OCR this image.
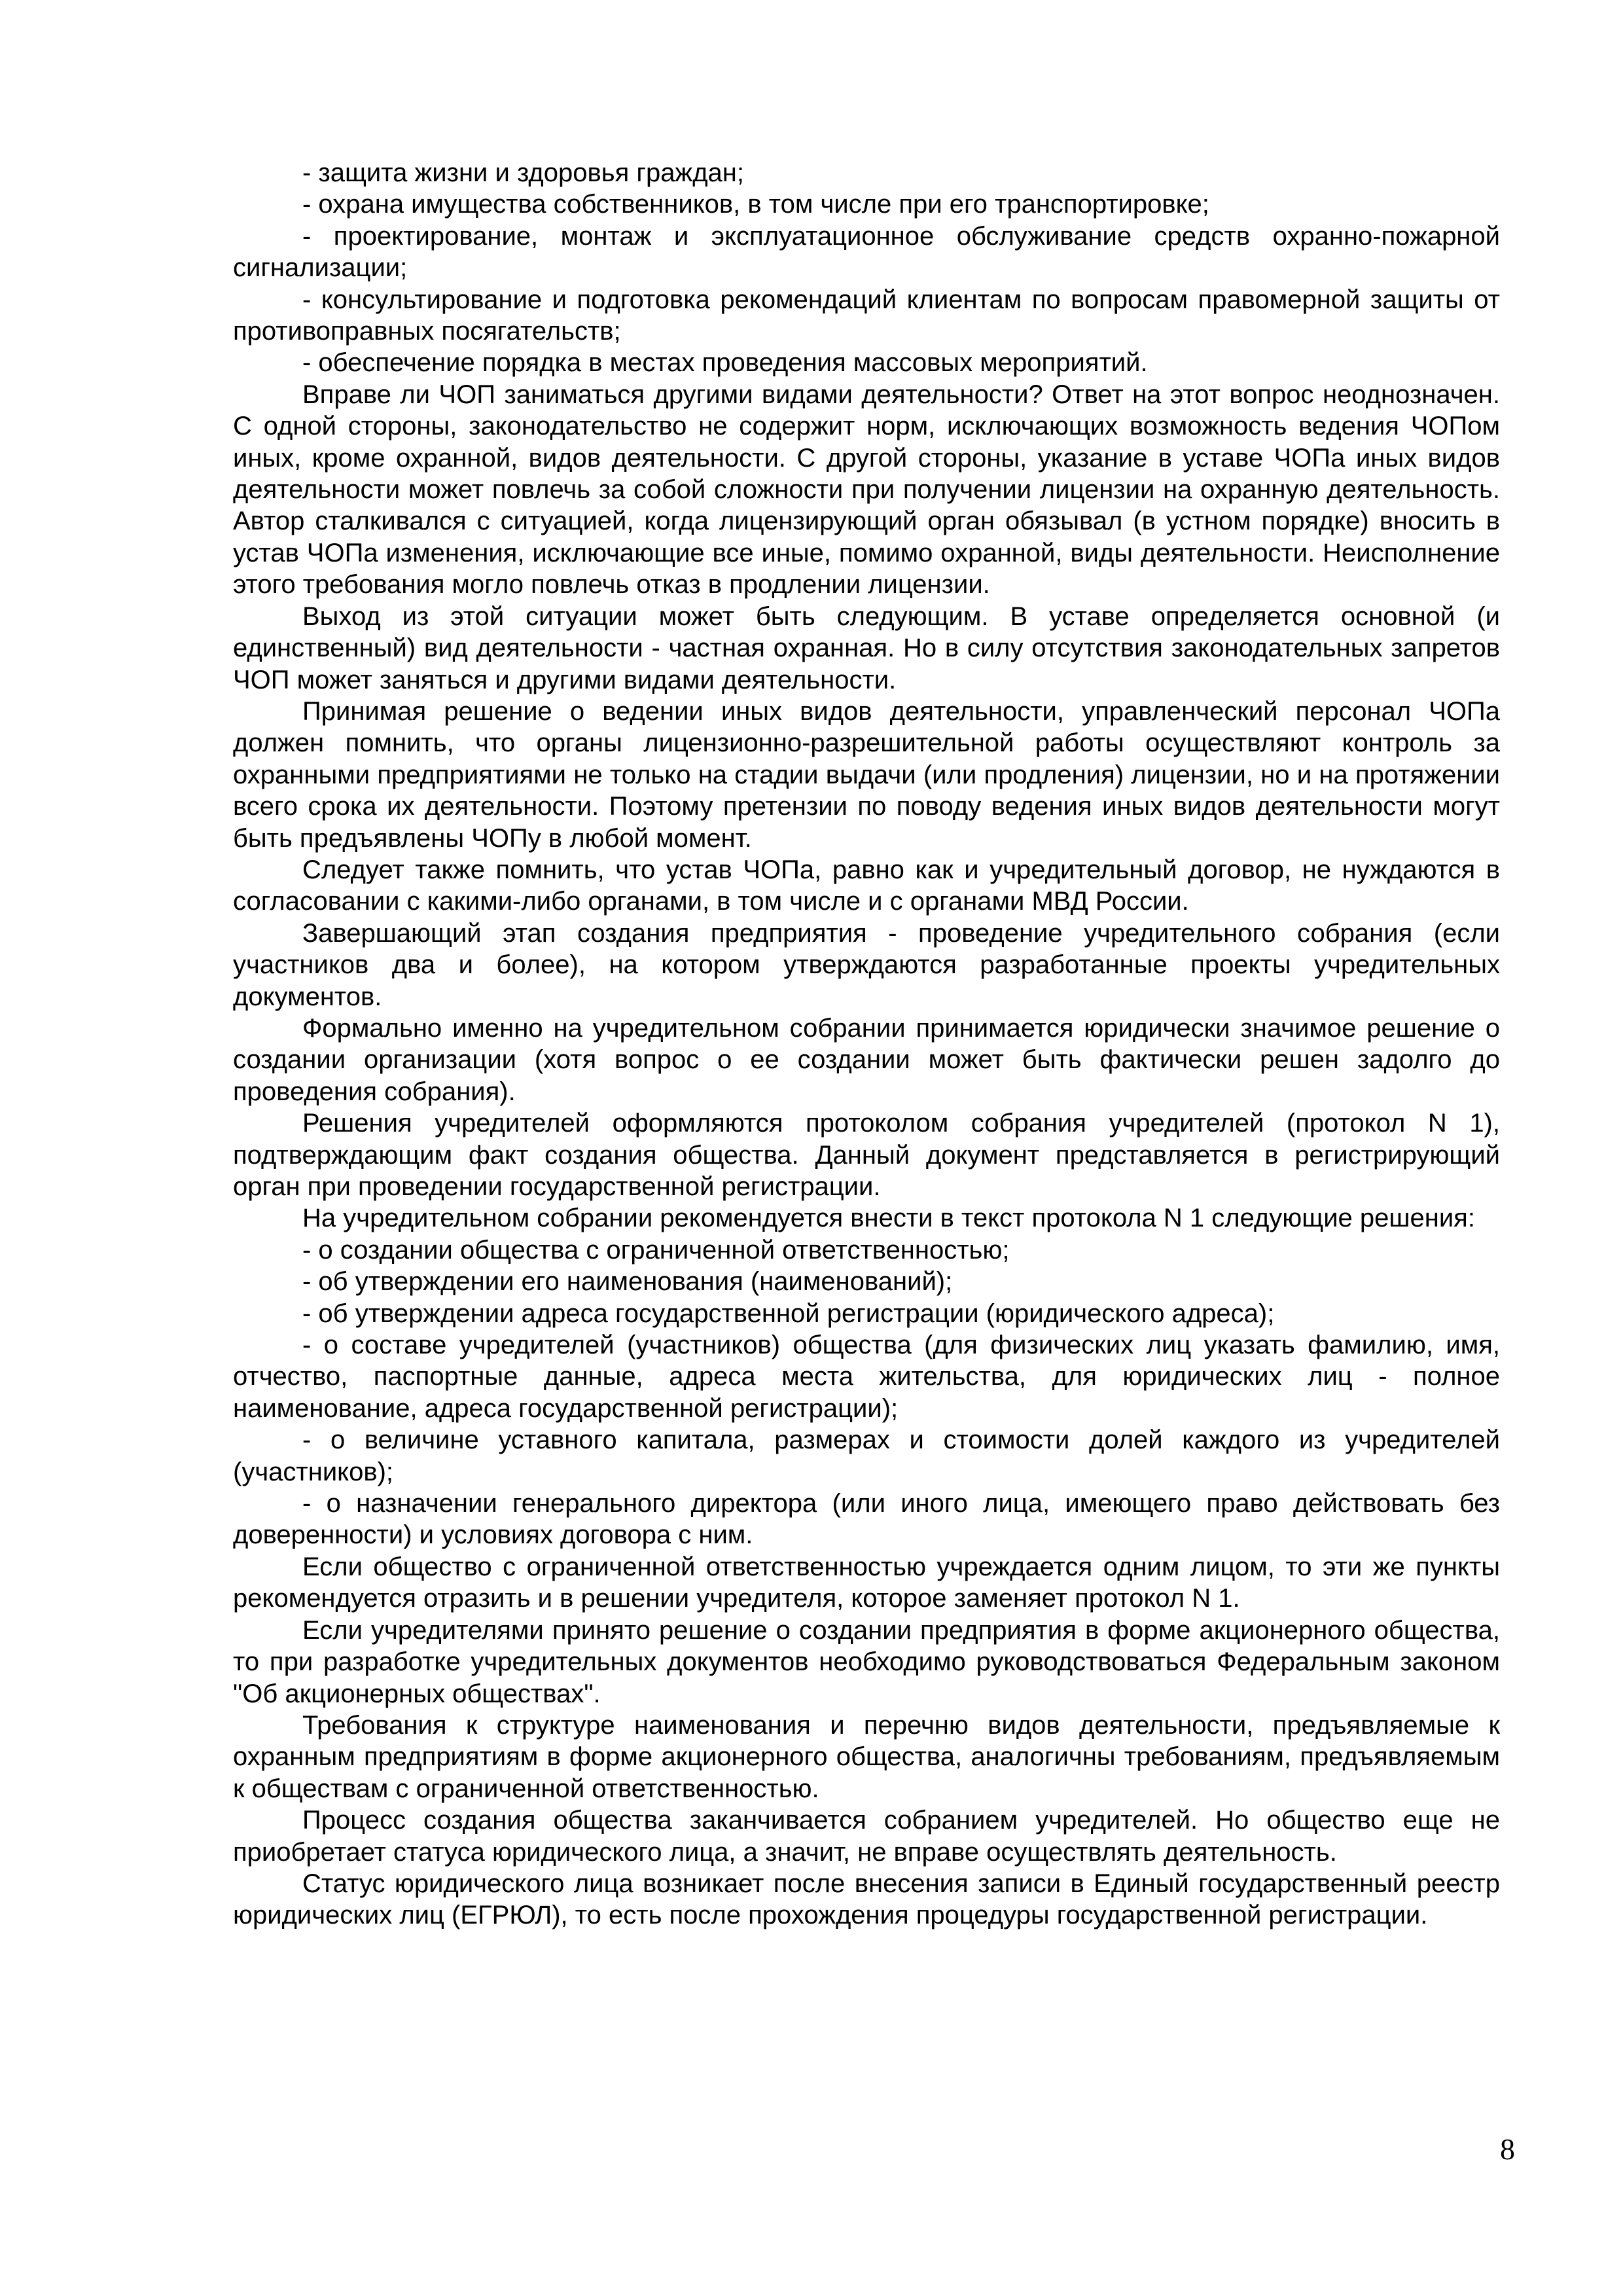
- защита жизни и здоровья граждан;

- охрана имущества собственников, в том числе при его транспортировке;

- проектирование, монтаж и эксплуатационное обслуживание средств охранно-пожарной сигнализации;

- консультирование и подготовка рекомендаций клиентам по вопросам правомерной защиты от противоправных посягательств;

- обеспечение порядка в местах проведения массовых мероприятий.

Вправе ли ЧОП заниматься другими видами деятельности? Ответ на этот вопрос неоднозначен. С одной стороны, законодательство не содержит норм, исключающих возможность ведения ЧОПом иных, кроме охранной, видов деятельности. С другой стороны, указание в уставе ЧОПа иных видов деятельности может повлечь за собой сложности при получении лицензии на охранную деятельность. Автор сталкивался с ситуацией, когда лицензирующий орган обязывал (в устном порядке) вносить в устав ЧОПа изменения, исключающие все иные, помимо охранной, виды деятельности. Неисполнение этого требования могло повлечь отказ в продлении лицензии.

Выход из этой ситуации может быть следующим. В уставе определяется основной (и единственный) вид деятельности - частная охранная. Но в силу отсутствия законодательных запретов ЧОП может заняться и другими видами деятельности.

Принимая решение о ведении иных видов деятельности, управленческий персонал ЧОПа должен помнить, что органы лицензионно-разрешительной работы осуществляют контроль за охранными предприятиями не только на стадии выдачи (или продления) лицензии, но и на протяжении всего срока их деятельности. Поэтому претензии по поводу ведения иных видов деятельности могут быть предъявлены ЧОПу в любой момент.

Следует также помнить, что устав ЧОПа, равно как и учредительный договор, не нуждаются в согласовании с какими-либо органами, в том числе и с органами МВД России.

Завершающий этап создания предприятия - проведение учредительного собрания (если участников два и более), на котором утверждаются разработанные проекты учредительных документов.

Формально именно на учредительном собрании принимается юридически значимое решение о создании организации (хотя вопрос о ее создании может быть фактически решен задолго до проведения собрания).

Решения учредителей оформляются протоколом собрания учредителей (протокол N 1), подтверждающим факт создания общества. Данный документ представляется в регистрирующий орган при проведении государственной регистрации.

На учредительном собрании рекомендуется внести в текст протокола N 1 следующие решения:

- о создании общества с ограниченной ответственностью;

- об утверждении его наименования (наименований);

- об утверждении адреса государственной регистрации (юридического адреса);

- о составе учредителей (участников) общества (для физических лиц указать фамилию, имя, отчество, паспортные данные, адреса места жительства, для юридических лиц - полное наименование, адреса государственной регистрации);

- о величине уставного капитала, размерах и стоимости долей каждого из учредителей (участников);

- о назначении генерального директора (или иного лица, имеющего право действовать без доверенности) и условиях договора с ним.

Если общество с ограниченной ответственностью учреждается одним лицом, то эти же пункты рекомендуется отразить и в решении учредителя, которое заменяет протокол N 1.

Если учредителями принято решение о создании предприятия в форме акционерного общества, то при разработке учредительных документов необходимо руководствоваться Федеральным законом "Об акционерных обществах".

Требования к структуре наименования и перечню видов деятельности, предъявляемые к охранным предприятиям в форме акционерного общества, аналогичны требованиям, предъявляемым к обществам с ограниченной ответственностью.

Процесс создания общества заканчивается собранием учредителей. Но общество еще не приобретает статуса юридического лица, а значит, не вправе осуществлять деятельность.

Статус юридического лица возникает после внесения записи в Единый государственный реестр юридических лиц (ЕГРЮЛ), то есть после прохождения процедуры государственной регистрации.

8
